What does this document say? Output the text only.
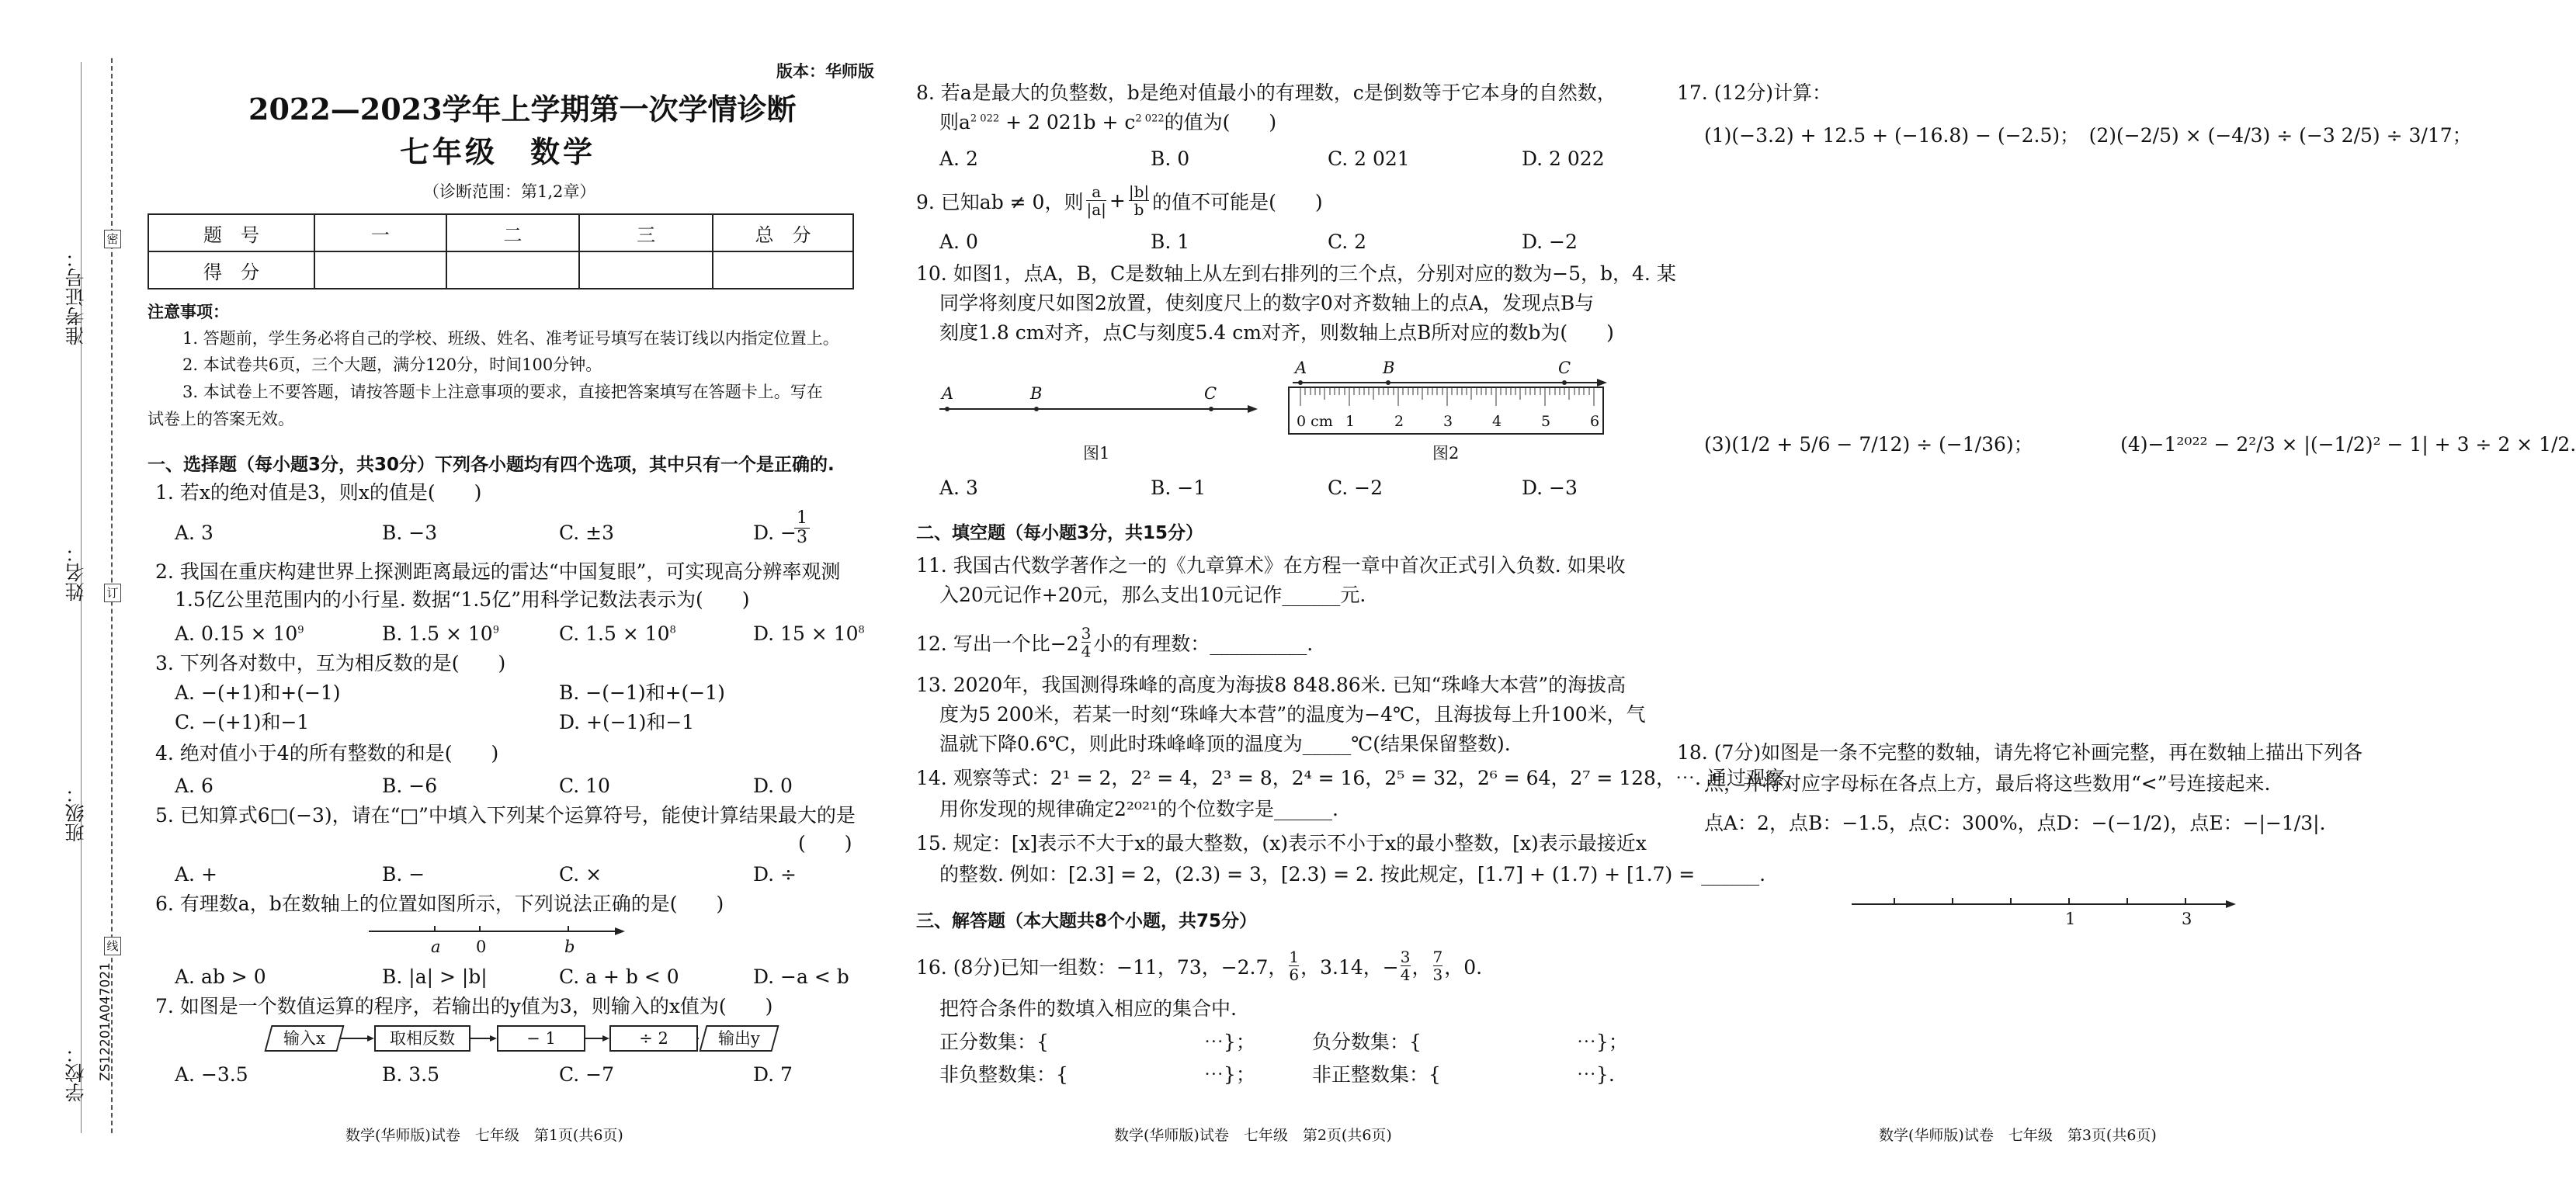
密
订
线
准考证号：
姓名：
班级：
学校： ZS12201A047021
版本：华师版
2022—2023学年上学期第一次学情诊断
七年级　数学
（诊断范围：第1,2章）
题　号	一	二	三	总　分
得　分				
注意事项：
1. 答题前，学生务必将自己的学校、班级、姓名、准考证号填写在装订线以内指定位置上。
2. 本试卷共6页，三个大题，满分120分，时间100分钟。
3. 本试卷上不要答题，请按答题卡上注意事项的要求，直接把答案填写在答题卡上。写在
试卷上的答案无效。
一、选择题（每小题3分，共30分）下列各小题均有四个选项，其中只有一个是正确的.
1. 若x的绝对值是3，则x的值是(　　)
A. 3	B. −3	C. ±3	D. −
$\frac{1}{3}$
2. 我国在重庆构建世界上探测距离最远的雷达“中国复眼”，可实现高分辨率观测
1.5亿公里范围内的小行星. 数据“1.5亿”用科学记数法表示为(　　)
A. $0.15 \times 10^9$	B. $1.5 \times 10^9$	C. $1.5 \times 10^8$	D. $15 \times 10^8$
3. 下列各对数中，互为相反数的是(　　)
A. −(+1)和+(−1)	B. −(−1)和+(−1)
C. −(+1)和−1	D. +(−1)和−1
4. 绝对值小于4的所有整数的和是(　　)
A. 6	B. −6	C. 10	D. 0
5. 已知算式6□(−3)，请在“□”中填入下列某个运算符号，能使计算结果最大的是
(　　)
A. +	B. −	C. ×	D. ÷
6. 有理数a，b在数轴上的位置如图所示，下列说法正确的是(　　)
a 0	b
A. ab > 0	B. |a| > |b|	C. a + b < 0	D. −a < b
7. 如图是一个数值运算的程序，若输出的y值为3，则输入的x值为(　　)
输入x	取相反数	− 1	÷ 2	输出y
A. −3.5	B. 3.5	C. −7	D. 7
数学(华师版)试卷　七年级　第1页(共6页)
8. 若a是最大的负整数，b是绝对值最小的有理数，c是倒数等于它本身的自然数，
则$a^{2 022} + 2$ $021b + c^{2 022}$的值为(　　)
A. 2	B. 0	C. 2 021	D. 2 022
9. 已知ab ≠ 0，则 a
$|a| + \frac{|b|}{b}$ 的值不可能是(　　)
A. 0	B. 1	C. 2	D. −2
10. 如图1，点A，B，C是数轴上从左到右排列的三个点，分别对应的数为−5，b，4. 某
同学将刻度尺如图2放置，使刻度尺上的数字0对齐数轴上的点A，发现点B与
刻度1.8 cm对齐，点C与刻度5.4 cm对齐，则数轴上点B所对应的数b为(　　)
A	B	C
图1
A	B	C
0 cm 1	2	3	4	5	6
图2
A. 3	B. −1	C. −2	D. −3
二、填空题（每小题3分，共15分）
11. 我国古代数学著作之一的《九章算术》在方程一章中首次正式引入负数. 如果收
入20元记作+20元，那么支出10元记作______元.
12. 写出一个比−2 3
4 小的有理数：__________.
13. 2020年，我国测得珠峰的高度为海拔8 848.86米. 已知“珠峰大本营”的海拔高
度为5 200米，若某一时刻“珠峰大本营”的温度为−4℃，且海拔每上升100米，气
温就下降0.6℃，则此时珠峰峰顶的温度为_____℃(结果保留整数).
14. 观察等式：2¹ = 2，2² = 4，2³ = 8，2⁴ = 16，2⁵ = 32，2⁶ = 64，2⁷ = 128，⋯. 通过观察，
用你发现的规律确定2²⁰²¹的个位数字是______.
15. 规定：[x]表示不大于x的最大整数，(x)表示不小于x的最小整数，[x)表示最接近x
的整数. 例如：[2.3] = 2，(2.3) = 3，[2.3) = 2. 按此规定，[1.7] + (1.7) + [1.7) = ______.
三、解答题（本大题共8个小题，共75分）
16. (8分)已知一组数：−11，73，−2.7， 1
6 ，3.14，− $\frac{3}{4}$ ， 7
3 ，0.
把符合条件的数填入相应的集合中.
正分数集：{　　　　　　　　⋯}；	负分数集：{　　　　　　　　⋯}；
非负整数集：{　　　　　　　⋯}；	非正整数集：{　　　　　　　⋯}.
数学(华师版)试卷　七年级　第2页(共6页)
17. (12分)计算：
(1)(−3.2) + 12.5 + (−16.8) − (−2.5)；　(2)(−2/5) × (−4/3) ÷ (−3 2/5) ÷ 3/17；
(3)(1/2 + 5/6 − 7/12) ÷ (−1/36)；　　　　　(4)−1²⁰²² − 2²/3 × |(−1/2)² − 1| + 3 ÷ 2 × 1/2.
18. (7分)如图是一条不完整的数轴，请先将它补画完整，再在数轴上描出下列各
点，并将对应字母标在各点上方，最后将这些数用“<”号连接起来.
点A：2，点B：−1.5，点C：300%，点D：−(−1/2)，点E：−|−1/3|.
1	3
数学(华师版)试卷　七年级　第3页(共6页)
